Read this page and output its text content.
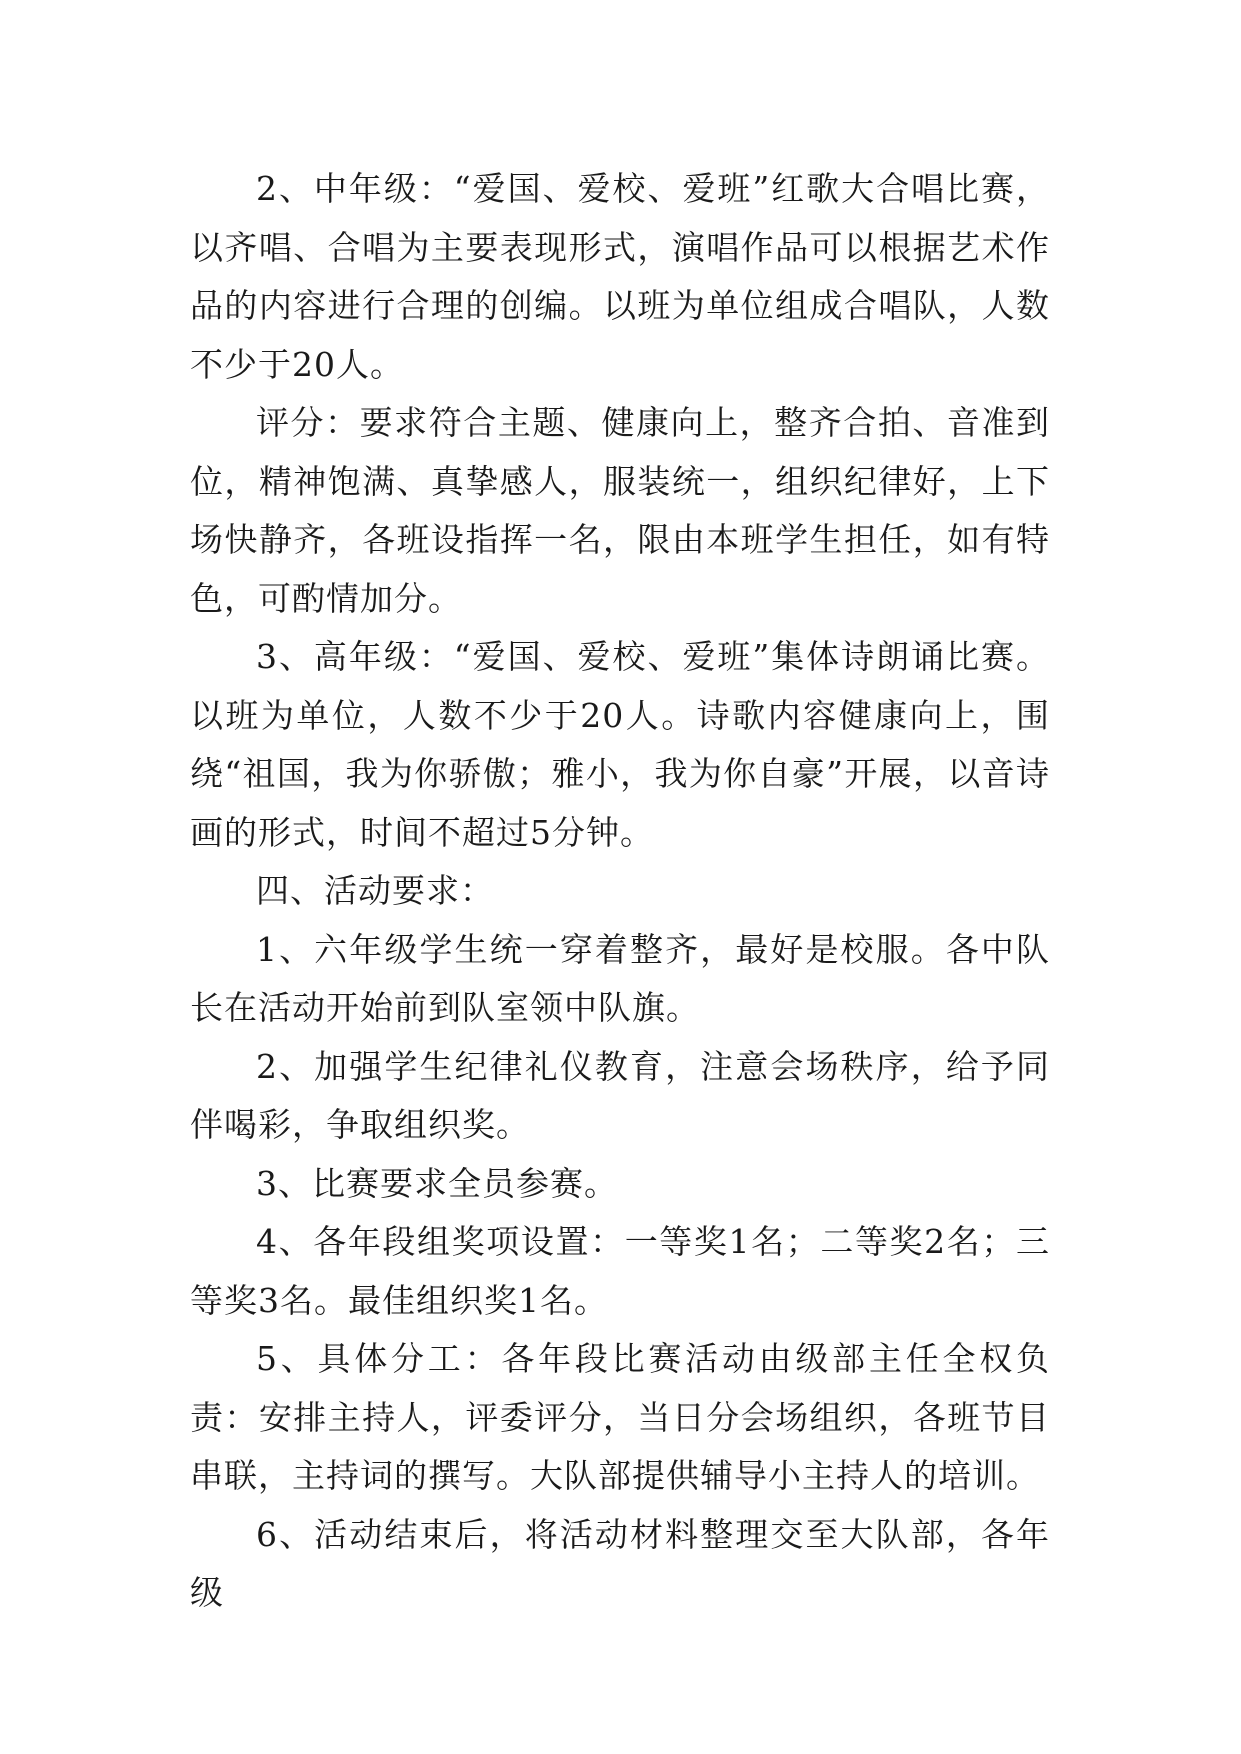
2、中年级：“爱国、爱校、爱班”红歌大合唱比赛，以齐唱、合唱为主要表现形式，演唱作品可以根据艺术作品的内容进行合理的创编。以班为单位组成合唱队，人数不少于20人。

评分：要求符合主题、健康向上，整齐合拍、音准到位，精神饱满、真挚感人，服装统一，组织纪律好，上下场快静齐，各班设指挥一名，限由本班学生担任，如有特色，可酌情加分。

3、高年级：“爱国、爱校、爱班”集体诗朗诵比赛。以班为单位，人数不少于20人。诗歌内容健康向上，围绕“祖国，我为你骄傲；雅小，我为你自豪”开展，以音诗画的形式，时间不超过5分钟。

四、活动要求：

1、六年级学生统一穿着整齐，最好是校服。各中队长在活动开始前到队室领中队旗。

2、加强学生纪律礼仪教育，注意会场秩序，给予同伴喝彩，争取组织奖。

3、比赛要求全员参赛。

4、各年段组奖项设置：一等奖1名；二等奖2名；三等奖3名。最佳组织奖1名。

5、具体分工：各年段比赛活动由级部主任全权负责：安排主持人，评委评分，当日分会场组织，各班节目串联，主持词的撰写。大队部提供辅导小主持人的培训。

6、活动结束后，将活动材料整理交至大队部，各年级
